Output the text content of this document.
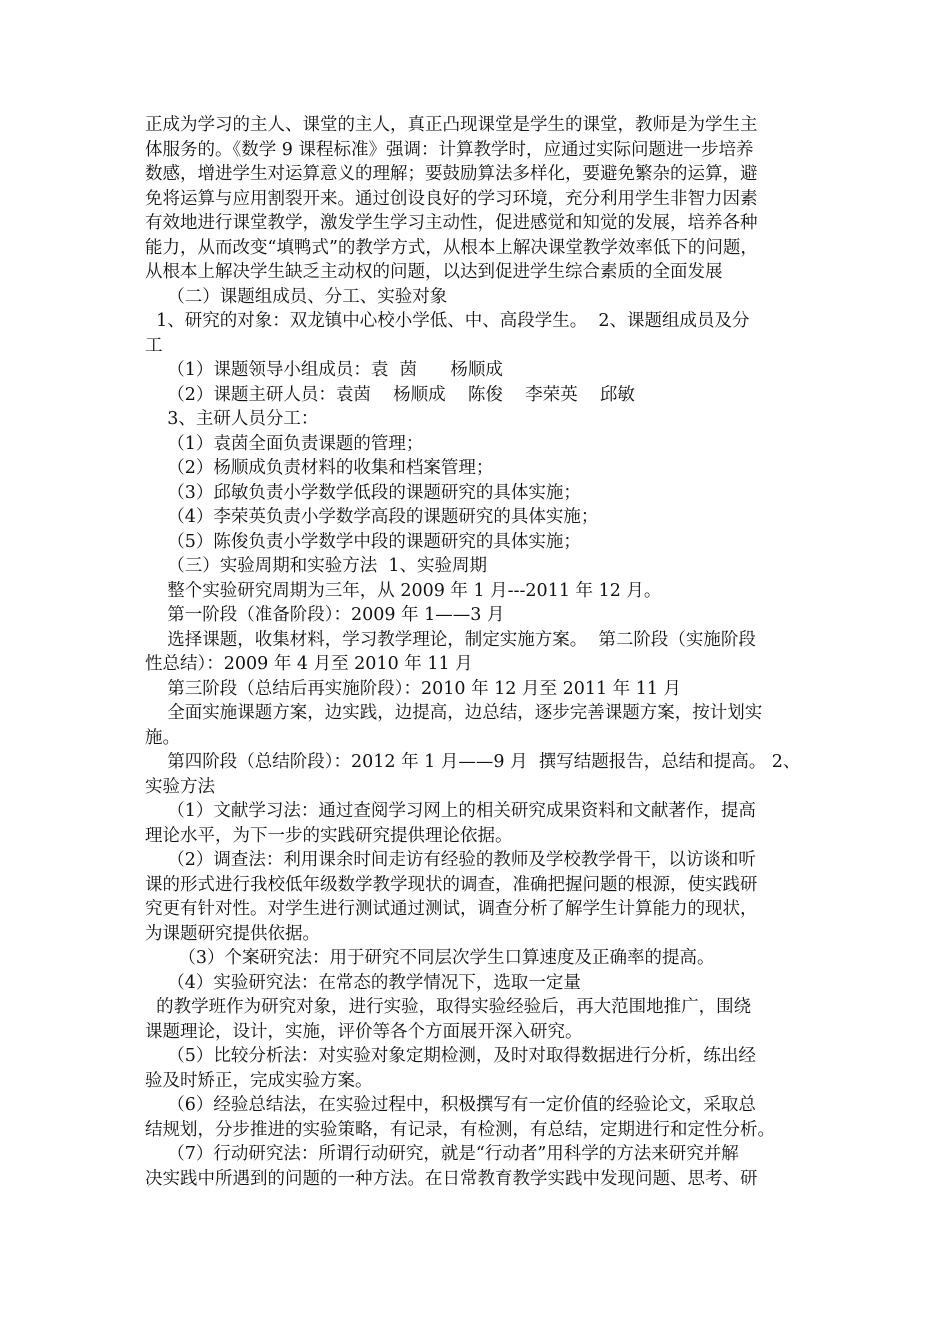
正成为学习的主人、课堂的主人，真正凸现课堂是学生的课堂，教师是为学生主

体服务的。《数学 9 课程标准》强调：计算教学时，应通过实际问题进一步培养

数感，增进学生对运算意义的理解；要鼓励算法多样化，要避免繁杂的运算，避

免将运算与应用割裂开来。通过创设良好的学习环境，充分利用学生非智力因素

有效地进行课堂教学，激发学生学习主动性，促进感觉和知觉的发展，培养各种

能力，从而改变“填鸭式”的教学方式，从根本上解决课堂教学效率低下的问题，

从根本上解决学生缺乏主动权的问题，以达到促进学生综合素质的全面发展

（二）课题组成员、分工、实验对象

1、研究的对象：双龙镇中心校小学低、中、高段学生。  2、课题组成员及分

工

（1）课题领导小组成员：袁  茵      杨顺成

（2）课题主研人员：袁茵    杨顺成    陈俊    李荣英    邱敏

3、主研人员分工：

（1）袁茵全面负责课题的管理；

（2）杨顺成负责材料的收集和档案管理；

（3）邱敏负责小学数学低段的课题研究的具体实施；

（4）李荣英负责小学数学高段的课题研究的具体实施；

（5）陈俊负责小学数学中段的课题研究的具体实施；

（三）实验周期和实验方法  1、实验周期

整个实验研究周期为三年，从 2009 年 1 月---2011 年 12 月。

第一阶段（准备阶段）：2009 年 1——3 月

选择课题，收集材料，学习教学理论，制定实施方案。  第二阶段（实施阶段

性总结）：2009 年 4 月至 2010 年 11 月

第三阶段（总结后再实施阶段）：2010 年 12 月至 2011 年 11 月

全面实施课题方案，边实践，边提高，边总结，逐步完善课题方案，按计划实

施。

第四阶段（总结阶段）：2012 年 1 月——9 月  撰写结题报告，总结和提高。 2、

实验方法

（1）文献学习法：通过查阅学习网上的相关研究成果资料和文献著作，提高

理论水平，为下一步的实践研究提供理论依据。

（2）调查法：利用课余时间走访有经验的教师及学校教学骨干，以访谈和听

课的形式进行我校低年级数学教学现状的调查，准确把握问题的根源，使实践研

究更有针对性。对学生进行测试通过测试，调查分析了解学生计算能力的现状，

为课题研究提供依据。

（3）个案研究法：用于研究不同层次学生口算速度及正确率的提高。

（4）实验研究法：在常态的教学情况下，选取一定量

的教学班作为研究对象，进行实验，取得实验经验后，再大范围地推广，围绕

课题理论，设计，实施，评价等各个方面展开深入研究。

（5）比较分析法：对实验对象定期检测，及时对取得数据进行分析，练出经

验及时矫正，完成实验方案。

（6）经验总结法，在实验过程中，积极撰写有一定价值的经验论文，采取总

结规划，分步推进的实验策略，有记录，有检测，有总结，定期进行和定性分析。

（7）行动研究法：所谓行动研究，就是“行动者”用科学的方法来研究并解

决实践中所遇到的问题的一种方法。在日常教育教学实践中发现问题、思考、研
